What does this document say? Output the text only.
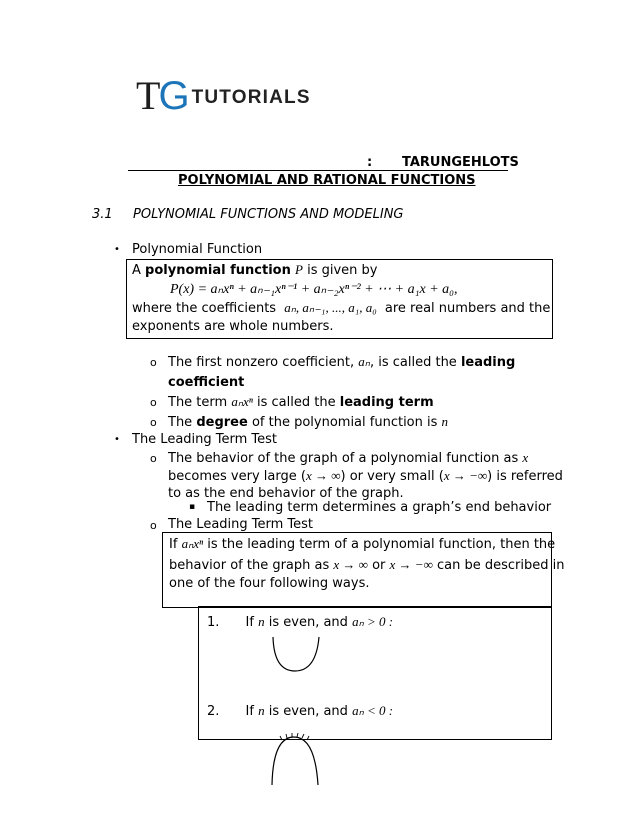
T
G TUTORIALS
: TARUNGEHLOTS
POLYNOMIAL AND RATIONAL FUNCTIONS
3.1 POLYNOMIAL FUNCTIONS AND MODELING
• Polynomial Function
A polynomial function P is given by
P(x) = aₙxⁿ + aₙ₋₁xⁿ⁻¹ + aₙ₋₂xⁿ⁻² + ⋯ + a₁x + a₀,
where the coefficients aₙ, aₙ₋₁, ..., a₁, a₀ are real numbers and the
exponents are whole numbers.
o The first nonzero coefficient, aₙ, is called the leading
coefficient
o The term aₙxⁿ is called the leading term
o The degree of the polynomial function is n
• The Leading Term Test
o The behavior of the graph of a polynomial function as x
becomes very large (x → ∞) or very small (x → −∞) is referred
to as the end behavior of the graph.
▪ The leading term determines a graph’s end behavior
o The Leading Term Test
If aₙxⁿ is the leading term of a polynomial function, then the
behavior of the graph as x → ∞ or x → −∞ can be described in
one of the four following ways.
1. If n is even, and aₙ > 0 :
2. If n is even, and aₙ < 0 :
